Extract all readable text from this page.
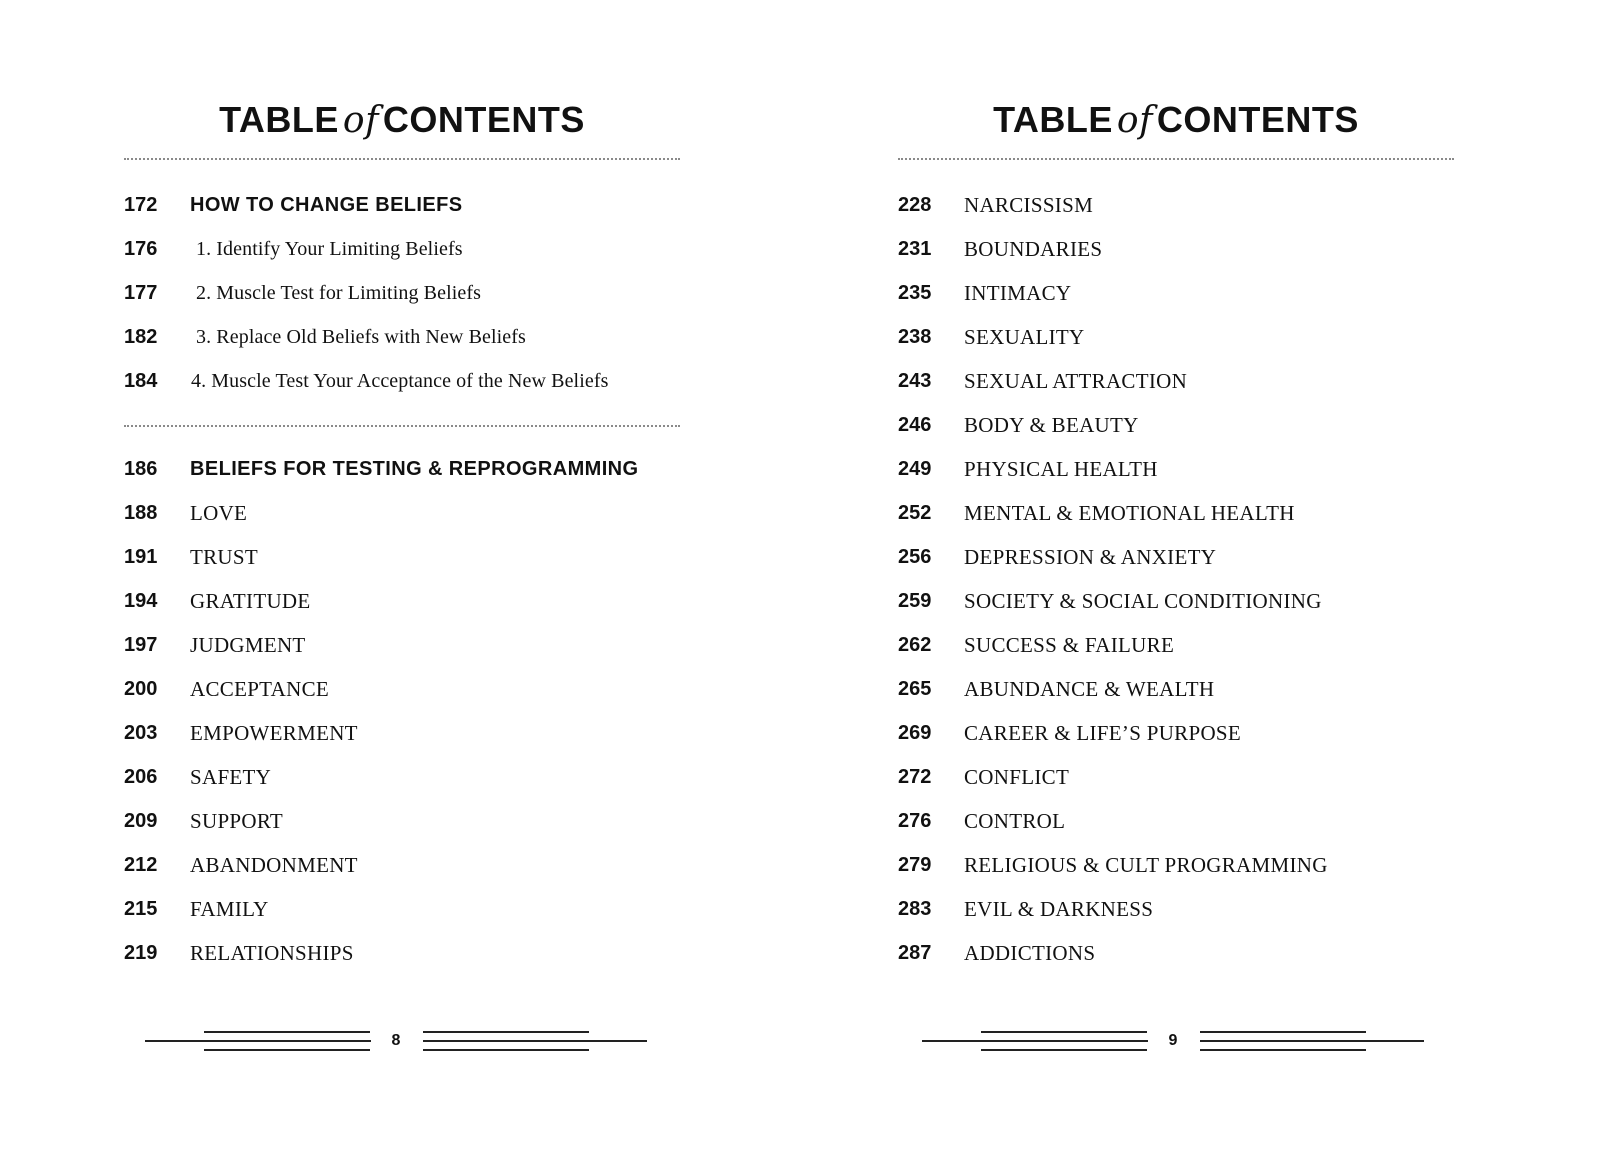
TABLE of CONTENTS
172 HOW TO CHANGE BELIEFS
176 1. Identify Your Limiting Beliefs
177 2. Muscle Test for Limiting Beliefs
182 3. Replace Old Beliefs with New Beliefs
184 4. Muscle Test Your Acceptance of the New Beliefs
186 BELIEFS FOR TESTING & REPROGRAMMING
188 LOVE
191 TRUST
194 GRATITUDE
197 JUDGMENT
200 ACCEPTANCE
203 EMPOWERMENT
206 SAFETY
209 SUPPORT
212 ABANDONMENT
215 FAMILY
219 RELATIONSHIPS
8
TABLE of CONTENTS
228 NARCISSISM
231 BOUNDARIES
235 INTIMACY
238 SEXUALITY
243 SEXUAL ATTRACTION
246 BODY & BEAUTY
249 PHYSICAL HEALTH
252 MENTAL & EMOTIONAL HEALTH
256 DEPRESSION & ANXIETY
259 SOCIETY & SOCIAL CONDITIONING
262 SUCCESS & FAILURE
265 ABUNDANCE & WEALTH
269 CAREER & LIFE’S PURPOSE
272 CONFLICT
276 CONTROL
279 RELIGIOUS & CULT PROGRAMMING
283 EVIL & DARKNESS
287 ADDICTIONS
9
